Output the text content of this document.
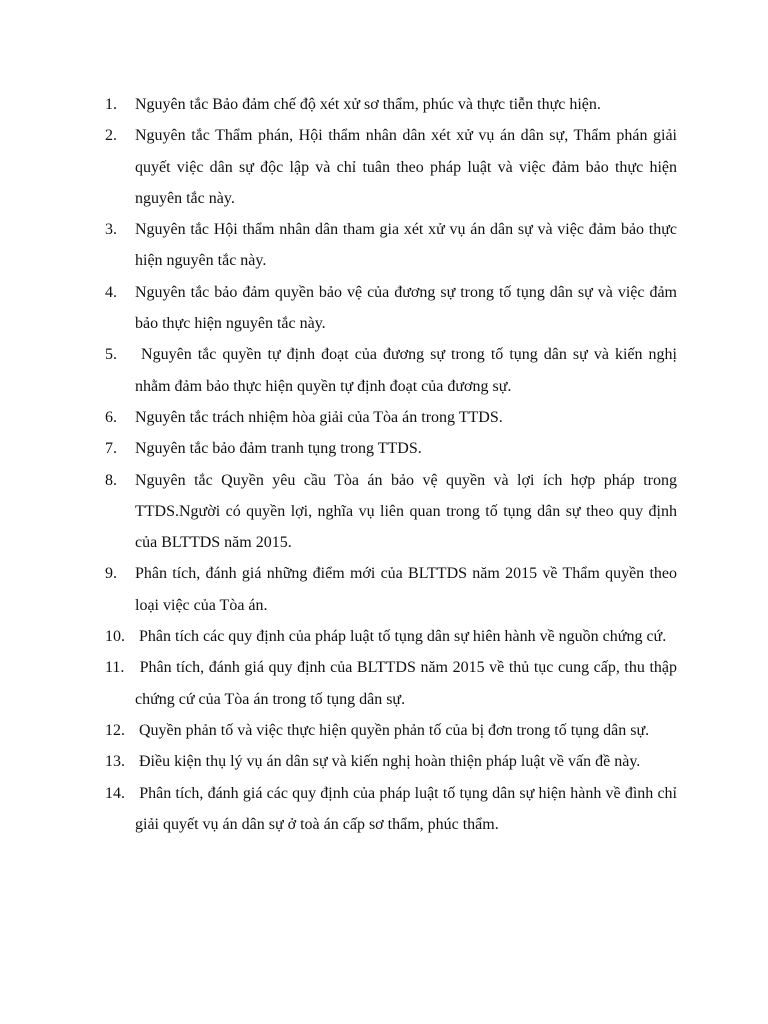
1.	Nguyên tắc Bảo đảm chế độ xét xử sơ thẩm, phúc và thực tiễn thực hiện.
2.	Nguyên tắc Thẩm phán, Hội thẩm nhân dân xét xử vụ án dân sự, Thẩm phán giải quyết việc dân sự độc lập và chỉ tuân theo pháp luật và việc đảm bảo thực hiện nguyên tắc này.
3.	Nguyên tắc Hội thẩm nhân dân tham gia xét xử vụ án dân sự và việc đảm bảo thực hiện nguyên tắc này.
4.	Nguyên tắc bảo đảm quyền bảo vệ của đương sự trong tố tụng dân sự và việc đảm bảo thực hiện nguyên tắc này.
5.	Nguyên tắc quyền tự định đoạt của đương sự trong tố tụng dân sự và kiến nghị nhằm đảm bảo thực hiện quyền tự định đoạt của đương sự.
6.	Nguyên tắc trách nhiệm hòa giải của Tòa án trong TTDS.
7.	Nguyên tắc bảo đảm tranh tụng trong TTDS.
8.	Nguyên tắc Quyền yêu cầu Tòa án bảo vệ quyền và lợi ích hợp pháp trong TTDS.Người có quyền lợi, nghĩa vụ liên quan trong tố tụng dân sự theo quy định của BLTTDS năm 2015.
9.	Phân tích, đánh giá những điểm mới của BLTTDS năm 2015 về Thẩm quyền theo loại việc của Tòa án.
10. Phân tích các quy định của pháp luật tố tụng dân sự hiên hành về nguồn chứng cứ.
11. Phân tích, đánh giá quy định của BLTTDS năm 2015 về thủ tục cung cấp, thu thập chứng cứ của Tòa án trong tố tụng dân sự.
12. Quyền phản tố và việc thực hiện quyền phản tố của bị đơn trong tố tụng dân sự.
13. Điều kiện thụ lý vụ án dân sự và kiến nghị hoàn thiện pháp luật về vấn đề này.
14. Phân tích, đánh giá các quy định của pháp luật tố tụng dân sự hiện hành về đình chỉ giải quyết vụ án dân sự ở toà án cấp sơ thẩm, phúc thẩm.
